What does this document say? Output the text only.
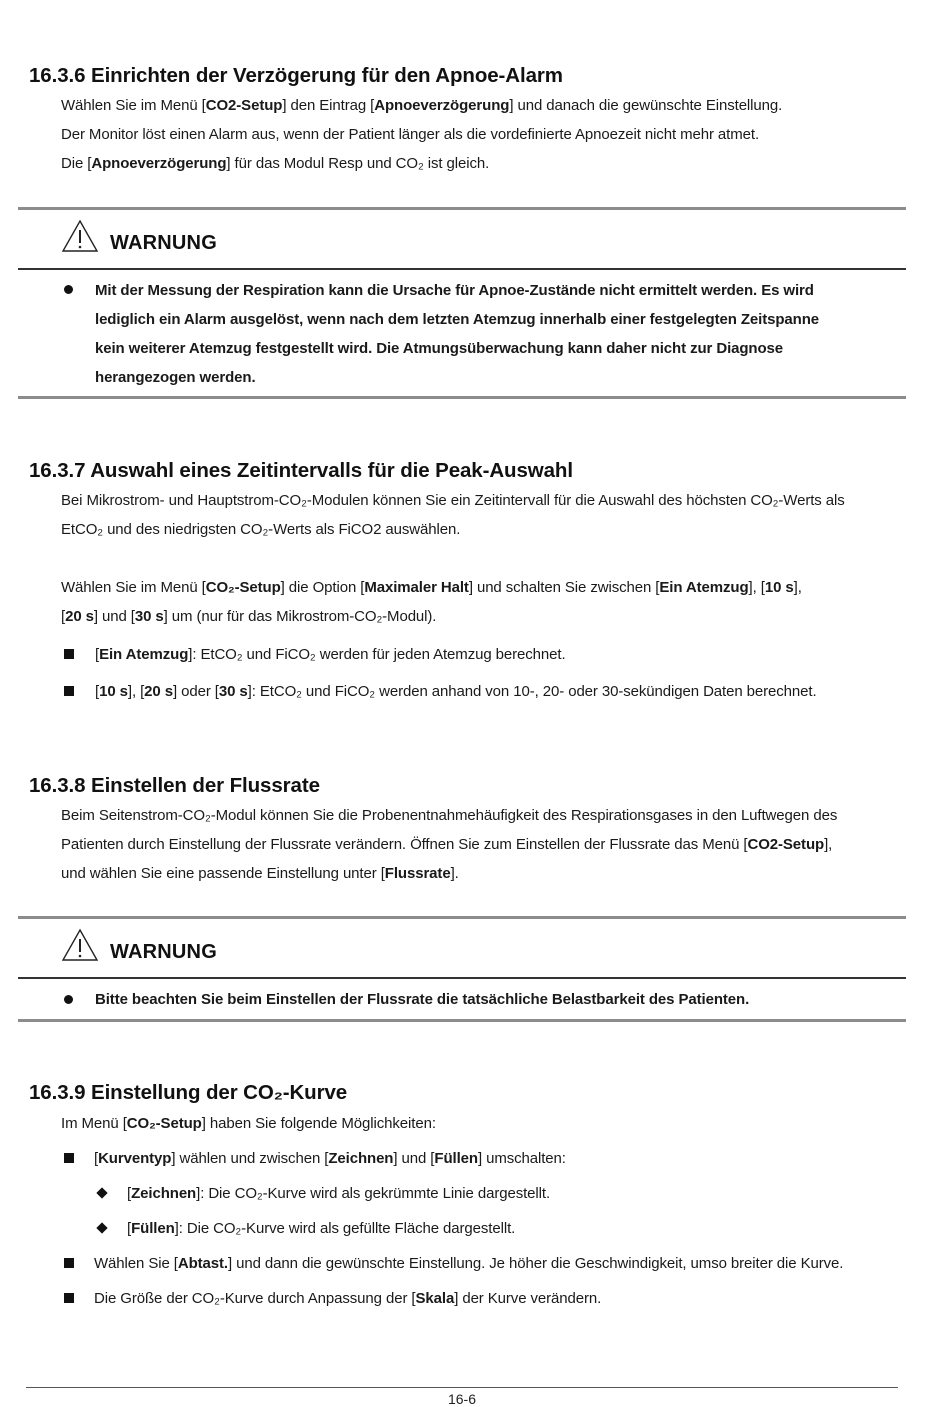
16.3.6 Einrichten der Verzögerung für den Apnoe-Alarm
Wählen Sie im Menü [CO2-Setup] den Eintrag [Apnoeverzögerung] und danach die gewünschte Einstellung.
Der Monitor löst einen Alarm aus, wenn der Patient länger als die vordefinierte Apnoezeit nicht mehr atmet.
Die [Apnoeverzögerung] für das Modul Resp und CO₂ ist gleich.
WARNUNG
Mit der Messung der Respiration kann die Ursache für Apnoe-Zustände nicht ermittelt werden. Es wird
lediglich ein Alarm ausgelöst, wenn nach dem letzten Atemzug innerhalb einer festgelegten Zeitspanne
kein weiterer Atemzug festgestellt wird. Die Atmungsüberwachung kann daher nicht zur Diagnose
herangezogen werden.
16.3.7 Auswahl eines Zeitintervalls für die Peak-Auswahl
Bei Mikrostrom- und Hauptstrom-CO₂-Modulen können Sie ein Zeitintervall für die Auswahl des höchsten CO₂-Werts als
EtCO₂ und des niedrigsten CO₂-Werts als FiCO2 auswählen.
Wählen Sie im Menü [CO₂-Setup] die Option [Maximaler Halt] und schalten Sie zwischen [Ein Atemzug], [10 s],
[20 s] und [30 s] um (nur für das Mikrostrom-CO₂-Modul).
[Ein Atemzug]: EtCO₂ und FiCO₂ werden für jeden Atemzug berechnet.
[10 s], [20 s] oder [30 s]: EtCO₂ und FiCO₂ werden anhand von 10-, 20- oder 30-sekündigen Daten berechnet.
16.3.8 Einstellen der Flussrate
Beim Seitenstrom-CO₂-Modul können Sie die Probenentnahmehäufigkeit des Respirationsgases in den Luftwegen des
Patienten durch Einstellung der Flussrate verändern. Öffnen Sie zum Einstellen der Flussrate das Menü [CO2-Setup],
und wählen Sie eine passende Einstellung unter [Flussrate].
WARNUNG
Bitte beachten Sie beim Einstellen der Flussrate die tatsächliche Belastbarkeit des Patienten.
16.3.9 Einstellung der CO₂-Kurve
Im Menü [CO₂-Setup] haben Sie folgende Möglichkeiten:
[Kurventyp] wählen und zwischen [Zeichnen] und [Füllen] umschalten:
[Zeichnen]: Die CO₂-Kurve wird als gekrümmte Linie dargestellt.
[Füllen]: Die CO₂-Kurve wird als gefüllte Fläche dargestellt.
Wählen Sie [Abtast.] und dann die gewünschte Einstellung. Je höher die Geschwindigkeit, umso breiter die Kurve.
Die Größe der CO₂-Kurve durch Anpassung der [Skala] der Kurve verändern.
16-6
